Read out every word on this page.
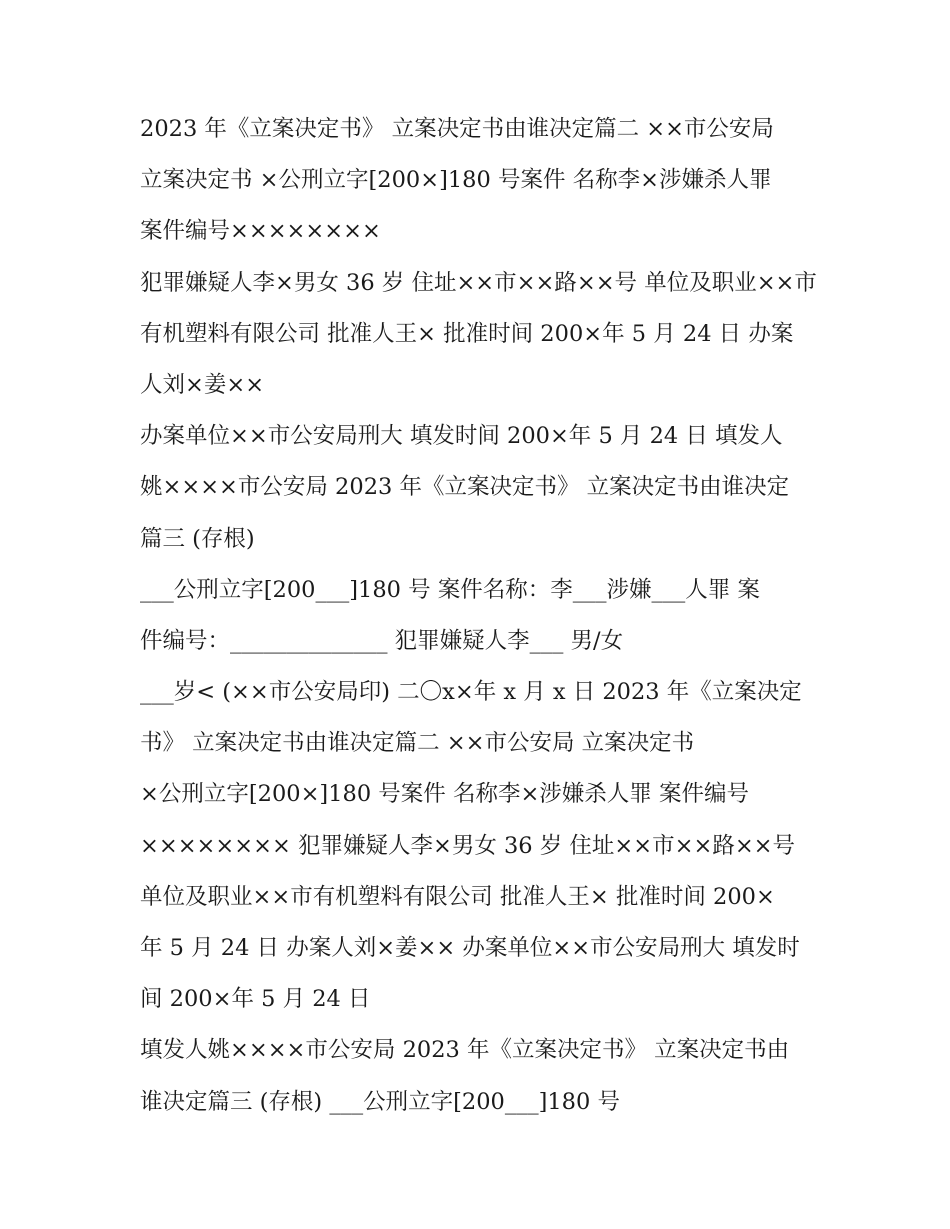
2023 年《立案决定书》 立案决定书由谁决定篇二 ××市公安局
立案决定书 ×公刑立字[200×]180 号案件 名称李×涉嫌杀人罪
案件编号××××××××
犯罪嫌疑人李×男女 36 岁 住址××市××路××号 单位及职业××市
有机塑料有限公司 批准人王× 批准时间 200×年 5 月 24 日 办案
人刘×姜××
办案单位××市公安局刑大 填发时间 200×年 5 月 24 日 填发人
姚××××市公安局 2023 年《立案决定书》 立案决定书由谁决定
篇三 (存根)
___公刑立字[200___]180 号 案件名称：李___涉嫌___人罪 案
件编号：______________ 犯罪嫌疑人李___ 男/女
___岁< (××市公安局印) 二〇x×年 x 月 x 日 2023 年《立案决定
书》 立案决定书由谁决定篇二 ××市公安局 立案决定书
×公刑立字[200×]180 号案件 名称李×涉嫌杀人罪 案件编号
×××××××× 犯罪嫌疑人李×男女 36 岁 住址××市××路××号
单位及职业××市有机塑料有限公司 批准人王× 批准时间 200×
年 5 月 24 日 办案人刘×姜×× 办案单位××市公安局刑大 填发时
间 200×年 5 月 24 日
填发人姚××××市公安局 2023 年《立案决定书》 立案决定书由
谁决定篇三 (存根) ___公刑立字[200___]180 号
